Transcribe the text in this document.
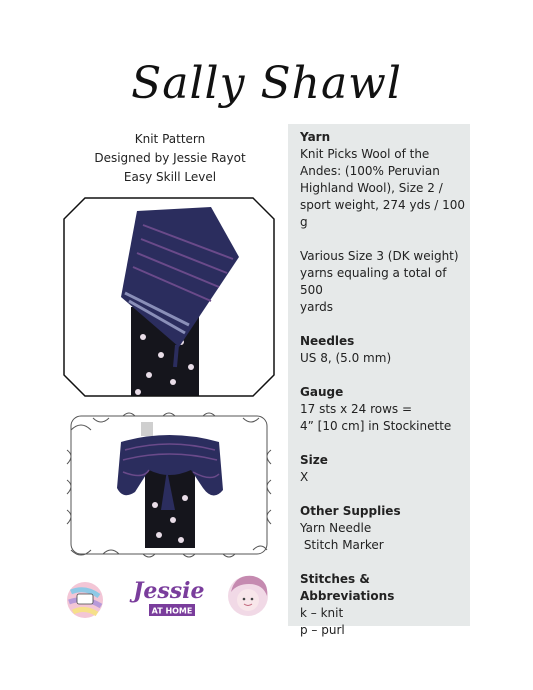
Sally Shawl
Knit Pattern
Designed by Jessie Rayot
Easy Skill Level
Jessie
AT HOME
Yarn
Knit Picks Wool of the
Andes: (100% Peruvian
Highland Wool), Size 2 /
sport weight, 274 yds / 100 g
Various Size 3 (DK weight)
yarns equaling a total of 500
yards
Needles
US 8, (5.0 mm)
Gauge
17 sts x 24 rows =
4” [10 cm] in Stockinette
Size
X
Other Supplies
Yarn Needle
Stitch Marker
Stitches & Abbreviations
k – knit
p – purl
